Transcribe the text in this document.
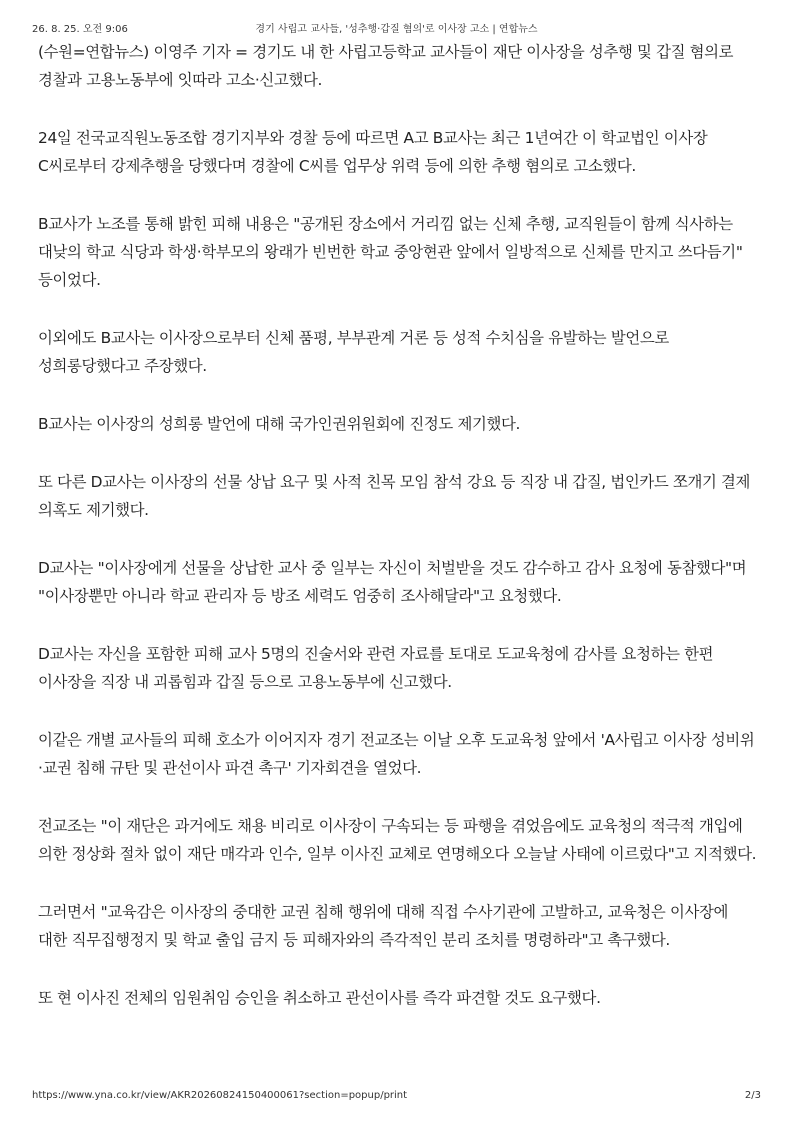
26. 8. 25. 오전 9:06	경기 사립고 교사들, '성추행·갑질 혐의'로 이사장 고소 | 연합뉴스

(수원=연합뉴스) 이영주 기자 = 경기도 내 한 사립고등학교 교사들이 재단 이사장을 성추행 및 갑질 혐의로 경찰과 고용노동부에 잇따라 고소·신고했다.

24일 전국교직원노동조합 경기지부와 경찰 등에 따르면 A고 B교사는 최근 1년여간 이 학교법인 이사장 C씨로부터 강제추행을 당했다며 경찰에 C씨를 업무상 위력 등에 의한 추행 혐의로 고소했다.

B교사가 노조를 통해 밝힌 피해 내용은 "공개된 장소에서 거리낌 없는 신체 추행, 교직원들이 함께 식사하는 대낮의 학교 식당과 학생·학부모의 왕래가 빈번한 학교 중앙현관 앞에서 일방적으로 신체를 만지고 쓰다듬기" 등이었다.

이외에도 B교사는 이사장으로부터 신체 품평, 부부관계 거론 등 성적 수치심을 유발하는 발언으로 성희롱당했다고 주장했다.

B교사는 이사장의 성희롱 발언에 대해 국가인권위원회에 진정도 제기했다.

또 다른 D교사는 이사장의 선물 상납 요구 및 사적 친목 모임 참석 강요 등 직장 내 갑질, 법인카드 쪼개기 결제 의혹도 제기했다.

D교사는 "이사장에게 선물을 상납한 교사 중 일부는 자신이 처벌받을 것도 감수하고 감사 요청에 동참했다"며 "이사장뿐만 아니라 학교 관리자 등 방조 세력도 엄중히 조사해달라"고 요청했다.

D교사는 자신을 포함한 피해 교사 5명의 진술서와 관련 자료를 토대로 도교육청에 감사를 요청하는 한편 이사장을 직장 내 괴롭힘과 갑질 등으로 고용노동부에 신고했다.

이같은 개별 교사들의 피해 호소가 이어지자 경기 전교조는 이날 오후 도교육청 앞에서 'A사립고 이사장 성비위·교권 침해 규탄 및 관선이사 파견 촉구' 기자회견을 열었다.

전교조는 "이 재단은 과거에도 채용 비리로 이사장이 구속되는 등 파행을 겪었음에도 교육청의 적극적 개입에 의한 정상화 절차 없이 재단 매각과 인수, 일부 이사진 교체로 연명해오다 오늘날 사태에 이르렀다"고 지적했다.

그러면서 "교육감은 이사장의 중대한 교권 침해 행위에 대해 직접 수사기관에 고발하고, 교육청은 이사장에 대한 직무집행정지 및 학교 출입 금지 등 피해자와의 즉각적인 분리 조치를 명령하라"고 촉구했다.

또 현 이사진 전체의 임원취임 승인을 취소하고 관선이사를 즉각 파견할 것도 요구했다.

https://www.yna.co.kr/view/AKR20260824150400061?section=popup/print	2/3
